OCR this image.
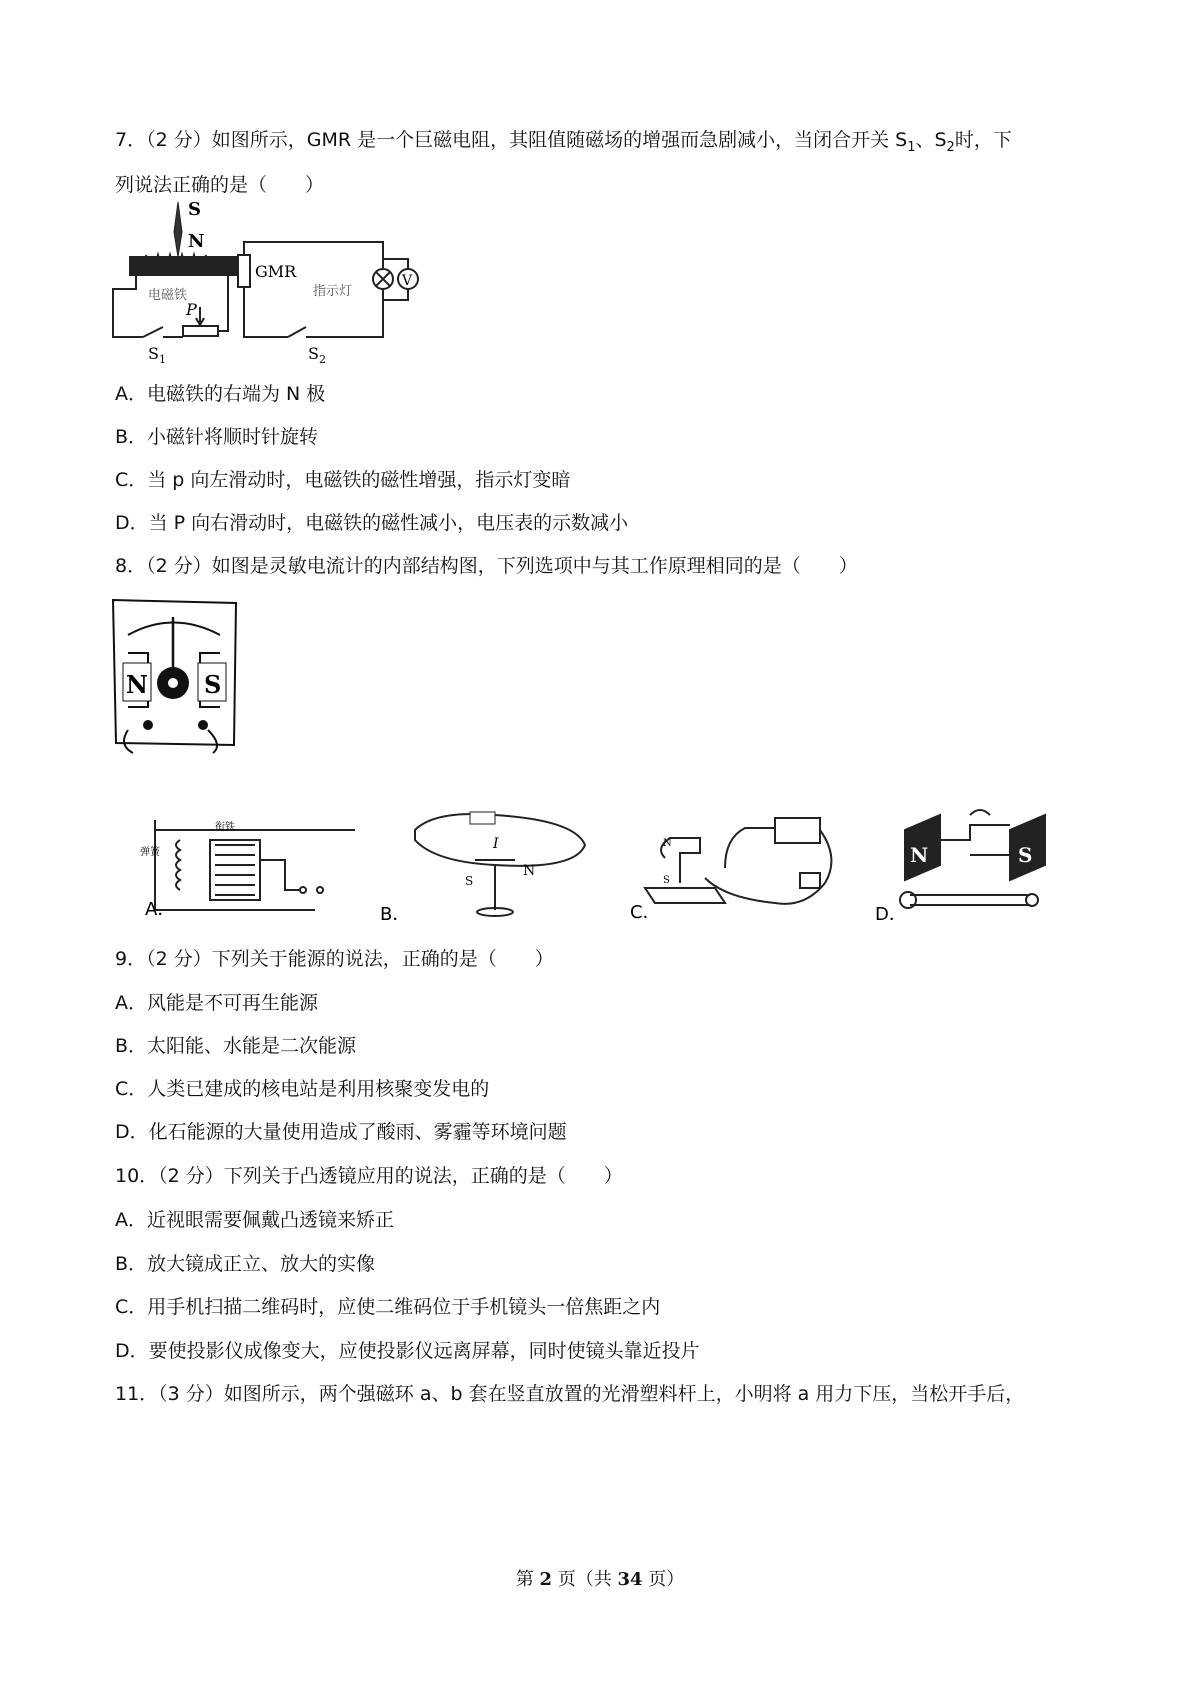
7．（2 分）如图所示，GMR 是一个巨磁电阻，其阻值随磁场的增强而急剧减小，当闭合开关 $S_1$、$S_2$时，下
列说法正确的是（　　）
S
N
GMR
电磁铁	指示灯
P
$S_1$	$S_2$
V
A．电磁铁的右端为 N 极
B．小磁针将顺时针旋转
C．当 p 向左滑动时，电磁铁的磁性增强，指示灯变暗
D．当 P 向右滑动时，电磁铁的磁性减小，电压表的示数减小
8．（2 分）如图是灵敏电流计的内部结构图，下列选项中与其工作原理相同的是（　　）
N S
A．
衔铁
弹簧
B．
I
N
S
C．
N
S
D．
N	S
9．（2 分）下列关于能源的说法，正确的是（　　）
A．风能是不可再生能源
B．太阳能、水能是二次能源
C．人类已建成的核电站是利用核聚变发电的
D．化石能源的大量使用造成了酸雨、雾霾等环境问题
10．（2 分）下列关于凸透镜应用的说法，正确的是（　　）
A．近视眼需要佩戴凸透镜来矫正
B．放大镜成正立、放大的实像
C．用手机扫描二维码时，应使二维码位于手机镜头一倍焦距之内
D．要使投影仪成像变大，应使投影仪远离屏幕，同时使镜头靠近投片
11．（3 分）如图所示，两个强磁环 a、b 套在竖直放置的光滑塑料杆上，小明将 a 用力下压，当松开手后，
第 2 页（共 34 页）
